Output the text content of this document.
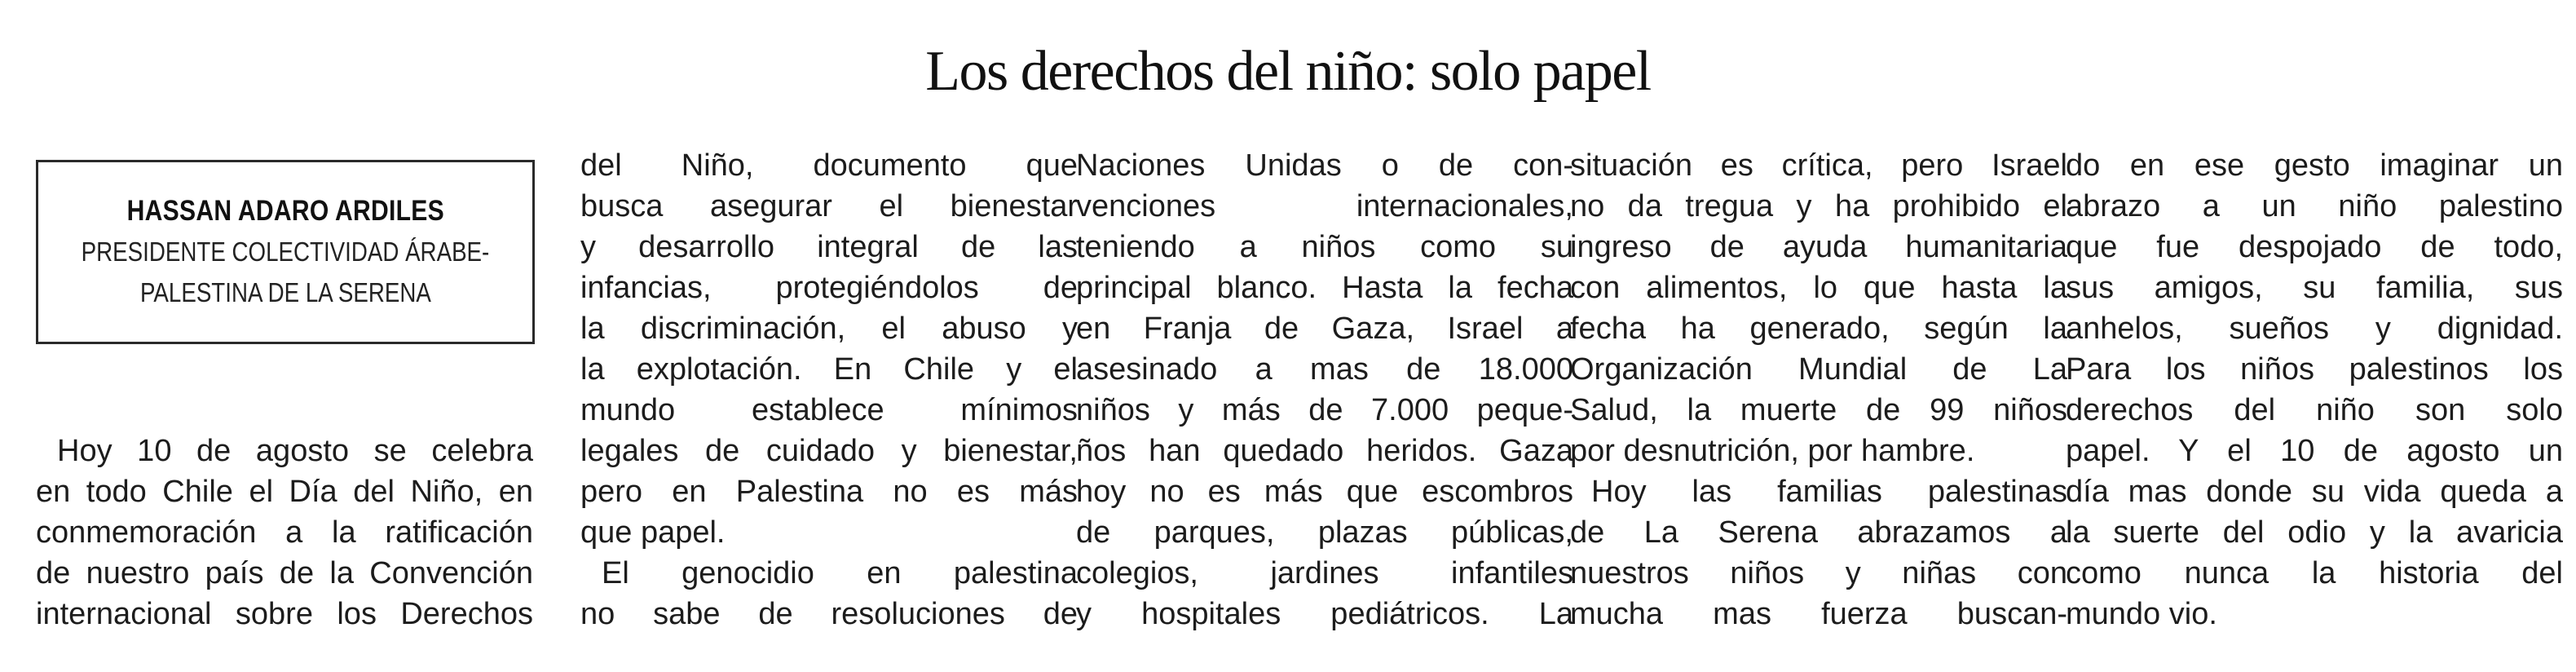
Los derechos del niño: solo papel
HASSAN ADARO ARDILES
PRESIDENTE COLECTIVIDAD ÁRABE-
PALESTINA DE LA SERENA
Hoy 10 de agosto se celebra
en todo Chile el Día del Niño, en
conmemoración a la ratificación
de nuestro país de la Convención
internacional sobre los Derechos
del Niño, documento que
busca asegurar el bienestar
y desarrollo integral de las
infancias, protegiéndolos de
la discriminación, el abuso y
la explotación. En Chile y el
mundo establece mínimos
legales de cuidado y bienestar,
pero en Palestina no es más
que papel.
El genocidio en palestina
no sabe de resoluciones de
Naciones Unidas o de con-
venciones internacionales,
teniendo a niños como su
principal blanco. Hasta la fecha
en Franja de Gaza, Israel a
asesinado a mas de 18.000
niños y más de 7.000 peque-
ños han quedado heridos. Gaza
hoy no es más que escombros
de parques, plazas públicas,
colegios, jardines infantiles
y hospitales pediátricos. La
situación es crítica, pero Israel
no da tregua y ha prohibido el
ingreso de ayuda humanitaria
con alimentos, lo que hasta la
fecha ha generado, según la
Organización Mundial de La
Salud, la muerte de 99 niños
por desnutrición, por hambre.
Hoy las familias palestinas
de La Serena abrazamos a
nuestros niños y niñas con
mucha mas fuerza buscan-
do en ese gesto imaginar un
abrazo a un niño palestino
que fue despojado de todo,
sus amigos, su familia, sus
anhelos, sueños y dignidad.
Para los niños palestinos los
derechos del niño son solo
papel. Y el 10 de agosto un
día mas donde su vida queda a
la suerte del odio y la avaricia
como nunca la historia del
mundo vio.
